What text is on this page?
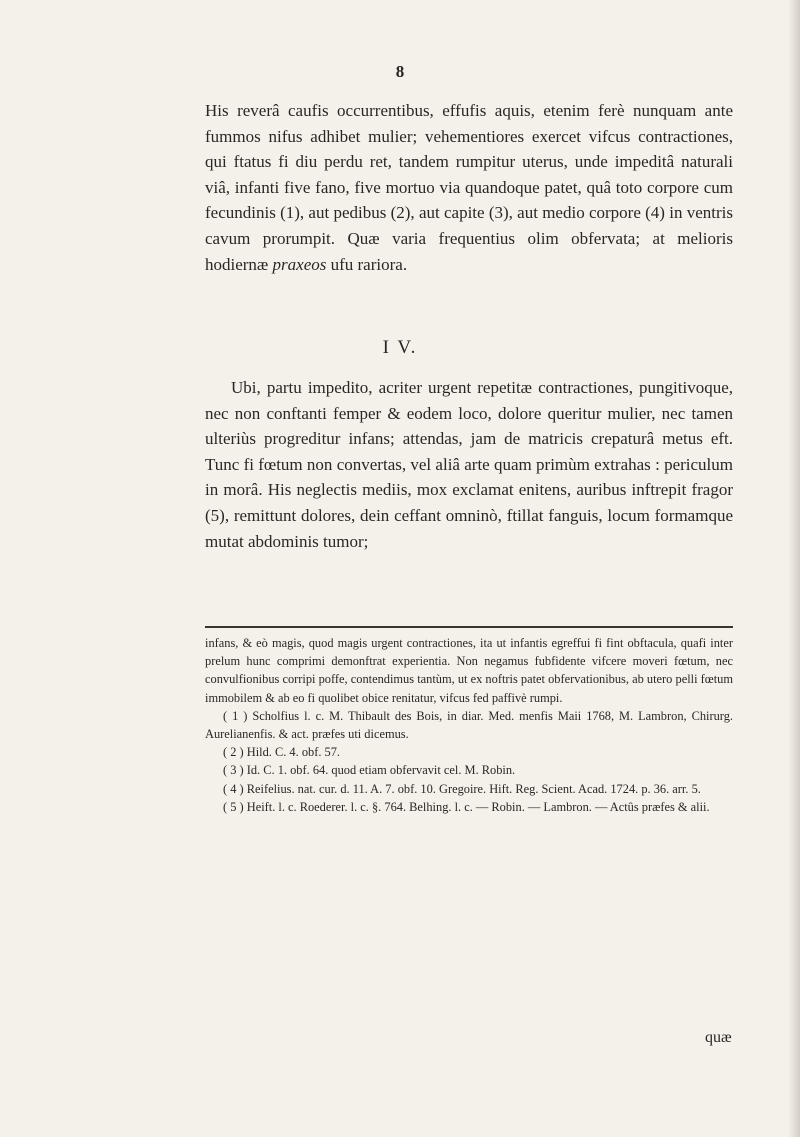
8

His reverâ caufis occurrentibus, effufis aquis, etenim ferè nunquam ante fummos nifus adhibet mulier; vehementiores exercet vifcus contractiones, qui ftatus fi diu perdu ret, tandem rumpitur uterus, unde impeditâ naturali viâ, infanti five fano, five mortuo via quandoque patet, quâ toto corpore cum fecundinis (1), aut pedibus (2), aut capite (3), aut medio corpore (4) in ventris cavum prorumpit. Quæ varia frequentius olim obfervata; at melioris hodiernæ praxeos ufu rariora.

I V.

Ubi, partu impedito, acriter urgent repetitæ contractiones, pungitivoque, nec non conftanti femper & eodem loco, dolore queritur mulier, nec tamen ulteriùs progreditur infans; attendas, jam de matricis crepaturâ metus eft. Tunc fi fœtum non convertas, vel aliâ arte quam primùm extrahas : periculum in morâ. His neglectis mediis, mox exclamat enitens, auribus inftrepit fragor (5), remittunt dolores, dein ceffant omninò, ftillat fanguis, locum formamque mutat abdominis tumor;

infans, & eò magis, quod magis urgent contractiones, ita ut infantis egreffui fi fint obftacula, quafi inter prelum hunc comprimi demonftrat experientia. Non negamus fubfidente vifcere moveri fœtum, nec convulfionibus corripi poffe, contendimus tantùm, ut ex noftris patet obfervationibus, ab utero pelli fœtum immobilem & ab eo fi quolibet obice renitatur, vifcus fed paffivè rumpi.

( 1 ) Scholfius l. c. M. Thibault des Bois, in diar. Med. menfis Maii 1768, M. Lambron, Chirurg. Aurelianenfis. & act. præfes uti dicemus.

( 2 ) Hild. C. 4. obf. 57.

( 3 ) Id. C. 1. obf. 64. quod etiam obfervavit cel. M. Robin.

( 4 ) Reifelius. nat. cur. d. 11. A. 7. obf. 10. Gregoire. Hift. Reg. Scient. Acad. 1724. p. 36. arr. 5.

( 5 ) Heift. l. c. Roederer. l. c. §. 764. Belhing. l. c. — Robin. — Lambron. — Actûs præfes & alii.

quæ
